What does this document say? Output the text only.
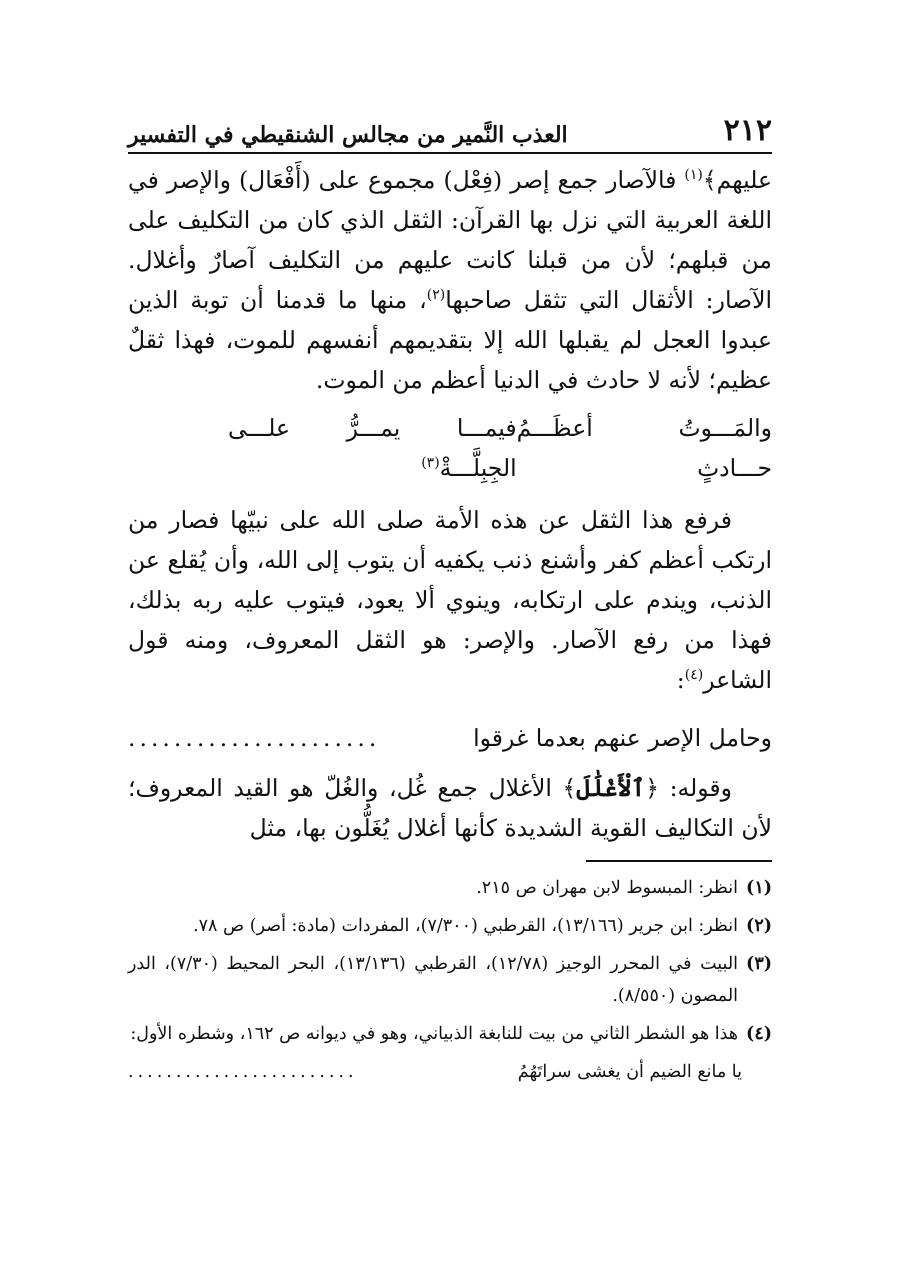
٢١٢
العذب النَّمير من مجالس الشنقيطي في التفسير

عليهم﴾$^{(١)}$ فالآصار جمع إصر (فِعْل) مجموع على (أَفْعَال) والإصر في اللغة العربية التي نزل بها القرآن: الثقل الذي كان من التكليف على من قبلهم؛ لأن من قبلنا كانت عليهم من التكليف آصارٌ وأغلال. الآصار: الأثقال التي تثقل صاحبها$^{(٢)}$، منها ما قدمنا أن توبة الذين عبدوا العجل لم يقبلها الله إلا بتقديمهم أنفسهم للموت، فهذا ثقلٌ عظيم؛ لأنه لا حادث في الدنيا أعظم من الموت.

والمَـــوتُ أعظَـــمُ حـــادثٍ
فيمـــا يمـــرُّ علـــى الجِبِلَّـــةْ$^{(٣)}$

فرفع هذا الثقل عن هذه الأمة صلى الله على نبيّها فصار من ارتكب أعظم كفر وأشنع ذنب يكفيه أن يتوب إلى الله، وأن يُقلع عن الذنب، ويندم على ارتكابه، وينوي ألا يعود، فيتوب عليه ربه بذلك، فهذا من رفع الآصار. والإصر: هو الثقل المعروف، ومنه قول الشاعر$^{(٤)}$:

وحامل الإصر عنهم بعدما غرقوا
......................

وقوله: ﴿ٱلْأَغْلَٰلَ﴾ الأغلال جمع غُل، والغُلّ هو القيد المعروف؛ لأن التكاليف القوية الشديدة كأنها أغلال يُغَلُّون بها، مثل

(١)
انظر: المبسوط لابن مهران ص ٢١٥.
(٢)
انظر: ابن جرير (١٣/١٦٦)، القرطبي (٧/٣٠٠)، المفردات (مادة: أصر) ص ٧٨.
(٣)
البيت في المحرر الوجيز (١٢/٧٨)، القرطبي (١٣/١٣٦)، البحر المحيط (٧/٣٠)، الدر المصون (٨/٥٥٠).
(٤)
هذا هو الشطر الثاني من بيت للنابغة الذبياني، وهو في ديوانه ص ١٦٢، وشطره الأول:
يا مانع الضيم أن يغشى سراتَهُمُ
........................
